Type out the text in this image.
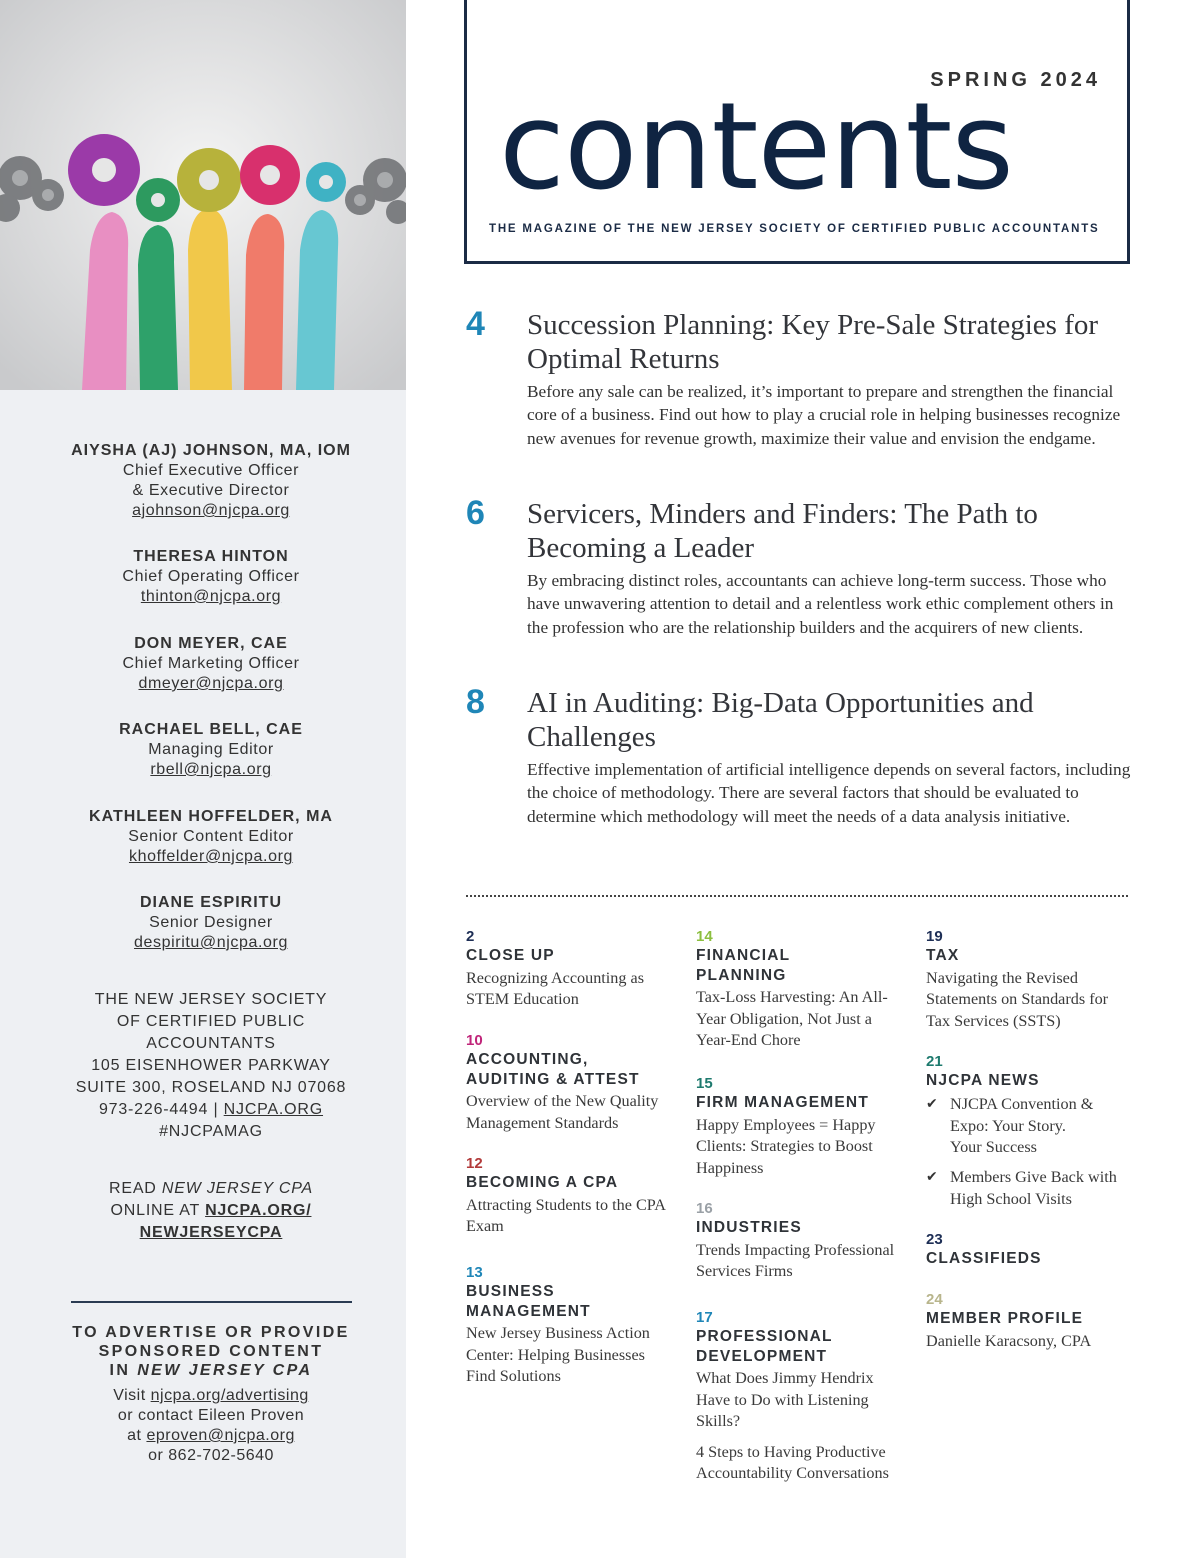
AIYSHA (AJ) JOHNSON, MA, IOM
Chief Executive Officer
& Executive Director
ajohnson@njcpa.org
THERESA HINTON
Chief Operating Officer
thinton@njcpa.org
DON MEYER, CAE
Chief Marketing Officer
dmeyer@njcpa.org
RACHAEL BELL, CAE
Managing Editor
rbell@njcpa.org
KATHLEEN HOFFELDER, MA
Senior Content Editor
khoffelder@njcpa.org
DIANE ESPIRITU
Senior Designer
despiritu@njcpa.org
THE NEW JERSEY SOCIETY
OF CERTIFIED PUBLIC
ACCOUNTANTS
105 EISENHOWER PARKWAY
SUITE 300, ROSELAND NJ 07068
973-226-4494 | NJCPA.ORG
#NJCPAMAG
READ NEW JERSEY CPA
ONLINE AT NJCPA.ORG/
NEWJERSEYCPA
TO ADVERTISE OR PROVIDE
SPONSORED CONTENT
IN NEW JERSEY CPA
Visit njcpa.org/advertising
or contact Eileen Proven
at eproven@njcpa.org
or 862-702-5640
SPRING 2024
contents
THE MAGAZINE OF THE NEW JERSEY SOCIETY OF CERTIFIED PUBLIC ACCOUNTANTS
4 Succession Planning: Key Pre-Sale Strategies for Optimal Returns
Before any sale can be realized, it’s important to prepare and strengthen the financial core of a business. Find out how to play a crucial role in helping businesses recognize new avenues for revenue growth, maximize their value and envision the endgame.
6 Servicers, Minders and Finders: The Path to Becoming a Leader
By embracing distinct roles, accountants can achieve long-term success. Those who have unwavering attention to detail and a relentless work ethic complement others in the profession who are the relationship builders and the acquirers of new clients.
8 AI in Auditing: Big-Data Opportunities and Challenges
Effective implementation of artificial intelligence depends on several factors, including the choice of methodology. There are several factors that should be evaluated to determine which methodology will meet the needs of a data analysis initiative.
2
CLOSE UP
Recognizing Accounting as STEM Education
10
ACCOUNTING, AUDITING & ATTEST
Overview of the New Quality Management Standards
12
BECOMING A CPA
Attracting Students to the CPA Exam
13
BUSINESS MANAGEMENT
New Jersey Business Action Center: Helping Businesses Find Solutions
14
FINANCIAL PLANNING
Tax-Loss Harvesting: An All-Year Obligation, Not Just a Year-End Chore
15
FIRM MANAGEMENT
Happy Employees = Happy Clients: Strategies to Boost Happiness
16
INDUSTRIES
Trends Impacting Professional Services Firms
17
PROFESSIONAL DEVELOPMENT
What Does Jimmy Hendrix Have to Do with Listening Skills?
4 Steps to Having Productive Accountability Conversations
19
TAX
Navigating the Revised Statements on Standards for Tax Services (SSTS)
21
NJCPA NEWS
✔ NJCPA Convention & Expo: Your Story. Your Success
✔ Members Give Back with High School Visits
23
CLASSIFIEDS
24
MEMBER PROFILE
Danielle Karacsony, CPA
